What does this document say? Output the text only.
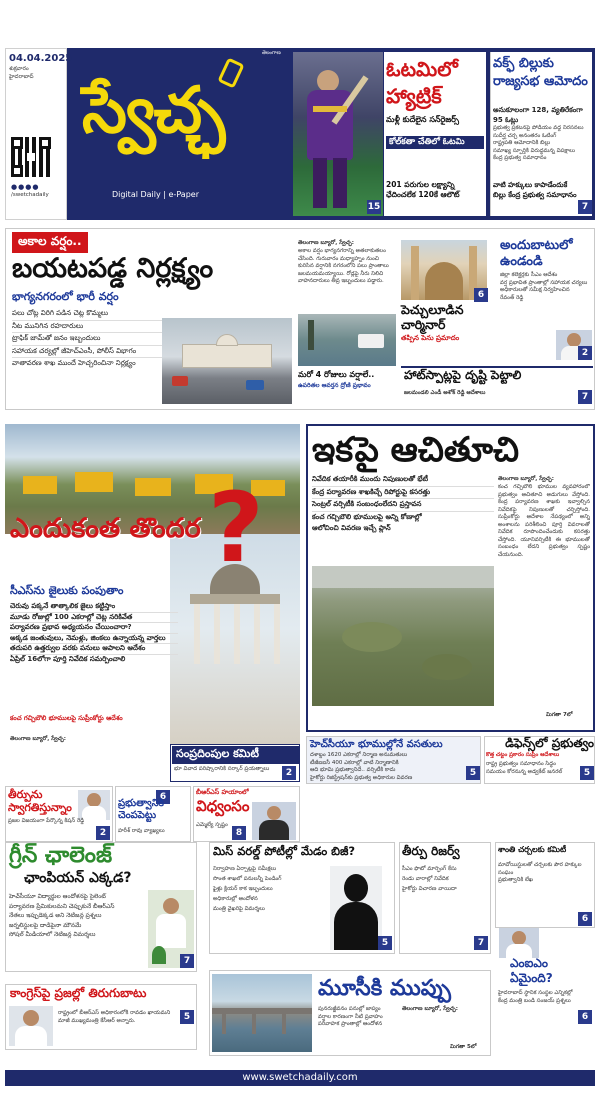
04.04.2025
శుక్రవారం
హైదరాబాద్
●●●●
/swetchadaily
స్వేచ్ఛ
Digital Daily | e-Paper
తెలంగాణ
ఓటమిలో హ్యాట్రిక్
మళ్లీ కుదేలైన సన్‌రైజర్స్
కోల్‌కతా చేతిలో ఓటమి
201 పరుగుల లక్ష్యాన్ని ఛేదించలేక 120కే ఆలౌట్
15
వక్ఫ్ బిల్లుకు రాజ్యసభ ఆమోదం
అనుకూలంగా 128, వ్యతిరేకంగా 95 ఓట్లు
ప్రభుత్వ ప్రకటనపై పోడియం వద్ద నిరసనలు
సుదీర్ఘ చర్చ అనంతరం ఓటింగ్
రాష్ట్రపతి ఆమోదానికి బిల్లు
సమాఖ్య స్ఫూర్తికి విరుద్ధమన్న విపక్షాలు
కేంద్ర ప్రభుత్వ సమాధానం
వాటి హక్కులు కాపాడేందుకే బిల్లు కేంద్ర ప్రభుత్వ సమాధానం
7
అకాల వర్షం..
బయటపడ్డ నిర్లక్ష్యం
భాగ్యనగరంలో భారీ వర్షం
పలు చోట్ల విరిగి పడిన చెట్ల కొమ్మలు
నీట మునిగిన రహదారులు
ట్రాఫిక్ జామ్‌తో జనం ఇబ్బందులు
సహాయక చర్యల్లో జీహెచ్ఎంసీ, పోలీస్ విభాగం
వాతావరణ శాఖ ముందే హెచ్చరించినా నిర్లక్ష్యం
తెలంగాణ బ్యూరో, స్వేచ్ఛ:
అకాల వర్షం భాగ్యనగరాన్ని అతలాకుతలం చేసింది. గురువారం మధ్యాహ్నం నుంచి కురిసిన వర్షానికి నగరంలోని పలు ప్రాంతాలు జలమయమయ్యాయి. రోడ్లపై నీరు నిలిచి వాహనదారులు తీవ్ర ఇబ్బందులు పడ్డారు.
మరో 4 రోజులు వర్షాలే..
ఉపరితల ఆవర్తన ద్రోణి ప్రభావం
6
పెచ్చులూడిన చార్మినార్
తప్పిన పెను ప్రమాదం
అందుబాటులో ఉండండి
జిల్లా కలెక్టర్లకు సీఎం ఆదేశం
వర్ష ప్రభావిత ప్రాంతాల్లో సహాయక చర్యలు
అధికారులతో సమీక్ష నిర్వహించిన
రేవంత్ రెడ్డి
2
హాట్‌స్పాట్లపై దృష్టి పెట్టాలి
జలమండలి ఎండీ అశోక్ రెడ్డి ఆదేశాలు	7
ఎందుకంత తొందర ?
సీఎస్‌ను జైలుకు పంపుతాం
చెరువు పక్కనే తాత్కాలిక జైలు కట్టిస్తాం
మూడు రోజుల్లో 100 ఎకరాల్లో చెట్ల నరికివేత
పర్యావరణ ప్రభావ అధ్యయనం చేయించారా?
అక్కడ జంతువులు, నెమళ్లు, జింకలు ఉన్నాయన్న వార్తలు
తదుపరి ఉత్తర్వుల వరకు పనులు ఆపాలని ఆదేశం
ఏప్రిల్ 16లోగా పూర్తి నివేదిక సమర్పించాలి
కంచ గచ్చిబౌలి భూములపై సుప్రీంకోర్టు ఆదేశం
తెలంగాణ బ్యూరో, స్వేచ్ఛ:
సంప్రదింపుల కమిటీ
భూ వివాద పరిష్కారానికి సర్కార్ ప్రయత్నాలు	2
ఇకపై ఆచితూచి
నివేదిక తయారీకి ముందు నిపుణులతో భేటీ
కేంద్ర పర్యావరణ శాఖకిచ్చే రిపోర్టుపై కసరత్తు
సెంట్రల్ వర్సిటీకి సంబంధంలేదని ప్రస్తావన
కంచ గచ్చిబౌలి భూములపై అన్ని కోణాల్లో
ఆలోచించి వివరణ ఇచ్చే ప్లాన్
తెలంగాణ బ్యూరో, స్వేచ్ఛ:
కంచ గచ్చిబౌలి భూముల వ్యవహారంలో ప్రభుత్వం ఆచితూచి అడుగులు వేస్తోంది. కేంద్ర పర్యావరణ శాఖకు ఇవ్వాల్సిన నివేదికపై నిపుణులతో చర్చిస్తోంది. సుప్రీంకోర్టు ఆదేశాల నేపథ్యంలో అన్ని అంశాలను పరిశీలించి పూర్తి వివరాలతో నివేదిక రూపొందించేందుకు కసరత్తు చేస్తోంది. యూనివర్సిటీకి ఈ భూములతో సంబంధం లేదని ప్రభుత్వం స్పష్టం చేయనుంది.
మిగతా 7లో
హెచ్‌సీయూ భూముల్లోనే వసతులు
దశాబ్దం 1620 ఎకరాల్లో నిర్మాణ అనుమతులు
టీజీఐఐసీ 400 ఎకరాల్లో వాటి నిర్మాణానికి
ఆది భూమి ప్రభుత్వానిదే.. వర్సిటీకి కాదు
హైకోర్టు రిజిస్ట్రేషన్‌కు ప్రభుత్వ అధికారుల వివరణ	5
డిఫెన్స్‌లో ప్రభుత్వం
కొత్త చట్టం ప్రకారం సుప్రీం ఆదేశాలు
రాష్ట్ర ప్రభుత్వం సమాధానం సిద్ధం
సమయం కోరనున్న అడ్వకేట్ జనరల్	5
తీర్పును స్వాగతిస్తున్నాం
ప్రజల విజయంగా పేర్కొన్న కిషన్ రెడ్డి
2
6
ప్రభుత్వానికి చెంపపెట్టు
హరీశ్ రావు వ్యాఖ్యలు
బీఆర్ఎస్ హయాంలో
విధ్వంసం
ఎమ్మెల్యే స్పష్టం
8
గ్రీన్ ఛాలెంజ్
ఛాంపియన్ ఎక్కడ?
హెచ్‌సీయూ విద్యార్థుల ఆందోళనపై సైలెంట్
పర్యావరణ ప్రేమికులమని చెప్పుకునే బీఆర్ఎస్
నేతలు ఇప్పుడెక్కడ అని నెటిజన్ల ప్రశ్నలు
జర్నలిస్టులపై దాడిపైనా మౌనమే
సోషల్ మీడియాలో నెటిజన్ల విమర్శలు
7
మిస్ వరల్డ్ పోటీల్లో మేడం బిజీ?
నిర్వాహణ ఏర్పాట్లపై సమీక్షలు
సొంత శాఖలో పనులన్నీ పెండింగ్
ఫైళ్లు క్లియర్ కాక ఇబ్బందులు
అధికారుల్లో ఆందోళన
మంత్రి వైఖరిపై విమర్శలు
5
తీర్పు రిజర్వ్
సీఎం ఫొటో మార్ఫింగ్ కేసు
రెండు వారాల్లో నివేదిక
హైకోర్టు విచారణ వాయిదా
7
శాంతి చర్చలకు కమిటీ
మావోయిస్టులతో చర్చలకు పౌర హక్కుల సంఘం
ప్రభుత్వానికి లేఖ
6
ఎంఐఎం ఏమైంది?
హైదరాబాద్ స్థానిక సంస్థల ఎన్నికల్లో
కేంద్ర మంత్రి బండి సంజయ్ ప్రశ్నలు
6
కాంగ్రెస్‌పై ప్రజల్లో తిరుగుబాటు
రాష్ట్రంలో బీఆర్ఎస్ అధికారంలోకి రావడం ఖాయమని మాజీ ముఖ్యమంత్రి కేసీఆర్ అన్నారు.	5
మూసీకి ముప్పు
పునరుజ్జీవనం పనుల్లో జాప్యం
వర్షాల కారణంగా నీటి ప్రవాహం
పరీవాహక ప్రాంతాల్లో ఆందోళన
తెలంగాణ బ్యూరో, స్వేచ్ఛ:
మిగతా 5లో
www.swetchadaily.com
